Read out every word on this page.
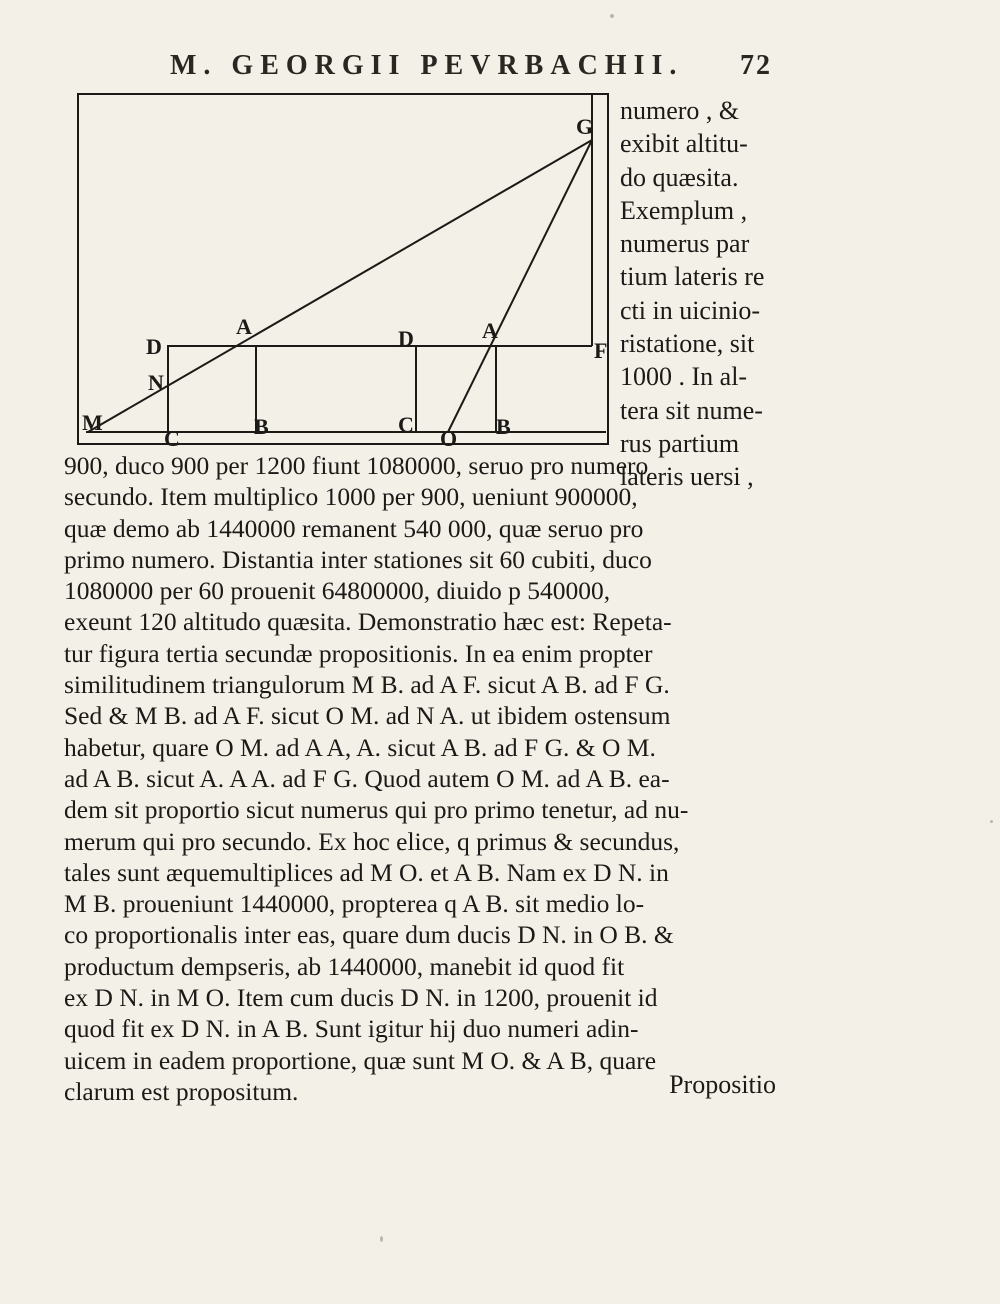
M. GEORGII PEVRBACHII. 72
G
F
D
A	D	A
N
M
C	B	C
O B
numero , &
exibit altitu-
do quæsita.
Exemplum ,
numerus par
tium lateris re
cti in uicinio-
ristatione, sit
1000 . In al-
tera sit nume-
rus partium
lateris uersi ,
900, duco 900 per 1200 fiunt 1080000, seruo pro numero
secundo. Item multiplico 1000 per 900, ueniunt 900000,
quæ demo ab 1440000 remanent 540 000, quæ seruo pro
primo numero. Distantia inter stationes sit 60 cubiti, duco
1080000 per 60 prouenit 64800000, diuido p 540000,
exeunt 120 altitudo quæsita. Demonstratio hæc est: Repeta-
tur figura tertia secundæ propositionis. In ea enim propter
similitudinem triangulorum M B. ad A F. sicut A B. ad F G.
Sed & M B. ad A F. sicut O M. ad N A. ut ibidem ostensum
habetur, quare O M. ad A A, A. sicut A B. ad F G. & O M.
ad A B. sicut A. A A. ad F G. Quod autem O M. ad A B. ea-
dem sit proportio sicut numerus qui pro primo tenetur, ad nu-
merum qui pro secundo. Ex hoc elice, q primus & secundus,
tales sunt æquemultiplices ad M O. et A B. Nam ex D N. in
M B. proueniunt 1440000, propterea q A B. sit medio lo-
co proportionalis inter eas, quare dum ducis D N. in O B. &
productum dempseris, ab 1440000, manebit id quod fit
ex D N. in M O. Item cum ducis D N. in 1200, prouenit id
quod fit ex D N. in A B. Sunt igitur hij duo numeri adin-
uicem in eadem proportione, quæ sunt M O. & A B, quare
clarum est propositum.	Propositio
